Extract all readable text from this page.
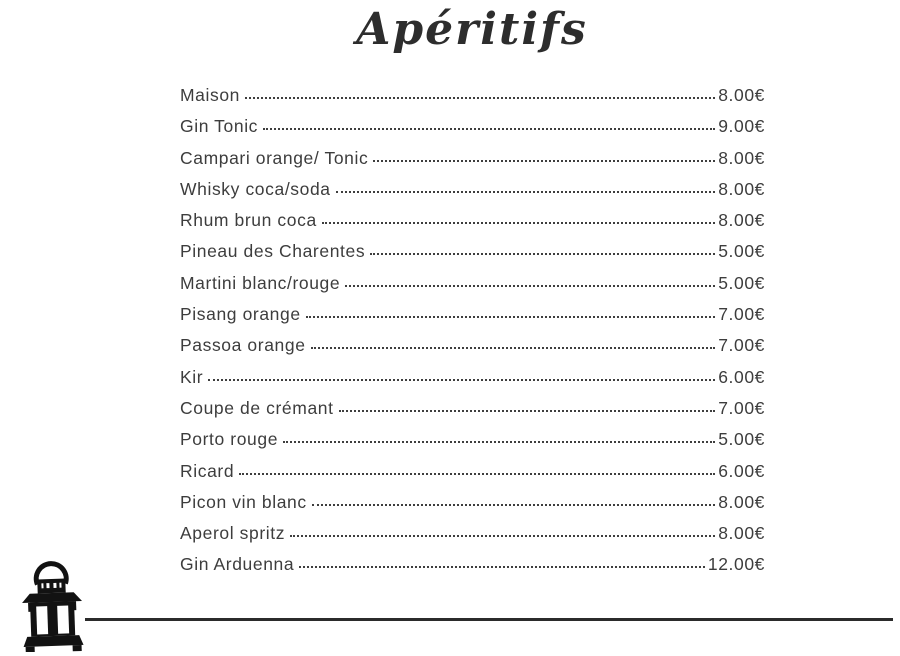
Apéritifs
Maison	8.00€
Gin Tonic	9.00€
Campari orange/ Tonic	8.00€
Whisky coca/soda	8.00€
Rhum brun coca	8.00€
Pineau des Charentes	5.00€
Martini blanc/rouge	5.00€
Pisang orange	7.00€
Passoa orange	7.00€
Kir	6.00€
Coupe de crémant	7.00€
Porto rouge	5.00€
Ricard	6.00€
Picon vin blanc	8.00€
Aperol spritz	8.00€
Gin Arduenna	12.00€
